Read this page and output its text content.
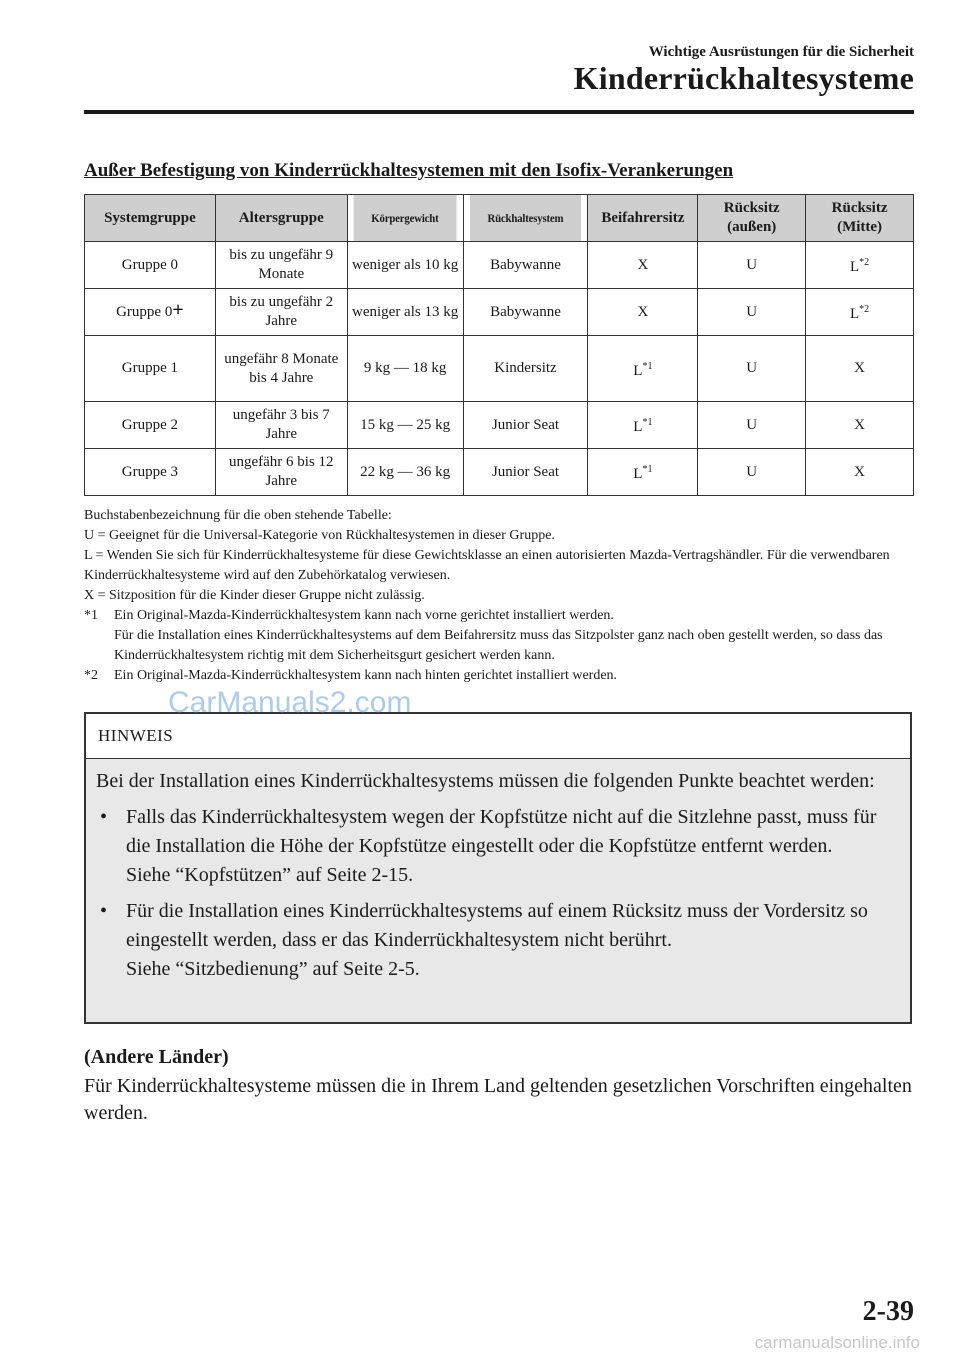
Wichtige Ausrüstungen für die Sicherheit
Kinderrückhaltesysteme
Außer Befestigung von Kinderrückhaltesystemen mit den Isofix-Verankerungen
Systemgruppe	Altersgruppe	Körpergewicht	Rückhaltesystem	Beifahrersitz	Rücksitz (außen)	Rücksitz (Mitte)
Gruppe 0	bis zu ungefähr 9 Monate	weniger als 10 kg	Babywanne	X	U	$L^{*2}$
Gruppe 0+	bis zu ungefähr 2 Jahre	weniger als 13 kg	Babywanne	X	U	$L^{*2}$
Gruppe 1	ungefähr 8 Monate bis 4 Jahre	9 kg — 18 kg	Kindersitz	$L^{*1}$	U	X
Gruppe 2	ungefähr 3 bis 7 Jahre	15 kg — 25 kg	Junior Seat	$L^{*1}$	U	X
Gruppe 3	ungefähr 6 bis 12 Jahre	22 kg — 36 kg	Junior Seat	$L^{*1}$	U	X

Buchstabenbezeichnung für die oben stehende Tabelle:

U = Geeignet für die Universal-Kategorie von Rückhaltesystemen in dieser Gruppe.

L = Wenden Sie sich für Kinderrückhaltesysteme für diese Gewichtsklasse an einen autorisierten Mazda-Vertragshändler. Für die verwendbaren Kinderrückhaltesysteme wird auf den Zubehörkatalog verwiesen.

X = Sitzposition für die Kinder dieser Gruppe nicht zulässig.

*1	Ein Original-Mazda-Kinderrückhaltesystem kann nach vorne gerichtet installiert werden.

Für die Installation eines Kinderrückhaltesystems auf dem Beifahrersitz muss das Sitzpolster ganz nach oben gestellt werden, so dass das Kinderrückhaltesystem richtig mit dem Sicherheitsgurt gesichert werden kann.

*2	Ein Original-Mazda-Kinderrückhaltesystem kann nach hinten gerichtet installiert werden.

HINWEIS

Bei der Installation eines Kinderrückhaltesystems müssen die folgenden Punkte beachtet werden:

• Falls das Kinderrückhaltesystem wegen der Kopfstütze nicht auf die Sitzlehne passt, muss für die Installation die Höhe der Kopfstütze eingestellt oder die Kopfstütze entfernt werden.

Siehe “Kopfstützen” auf Seite 2-15.

• Für die Installation eines Kinderrückhaltesystems auf einem Rücksitz muss der Vordersitz so eingestellt werden, dass er das Kinderrückhaltesystem nicht berührt.

Siehe “Sitzbedienung” auf Seite 2-5.

CarManuals2.com
(Andere Länder)
Für Kinderrückhaltesysteme müssen die in Ihrem Land geltenden gesetzlichen Vorschriften eingehalten werden.
2-39
carmanualsonline.info
